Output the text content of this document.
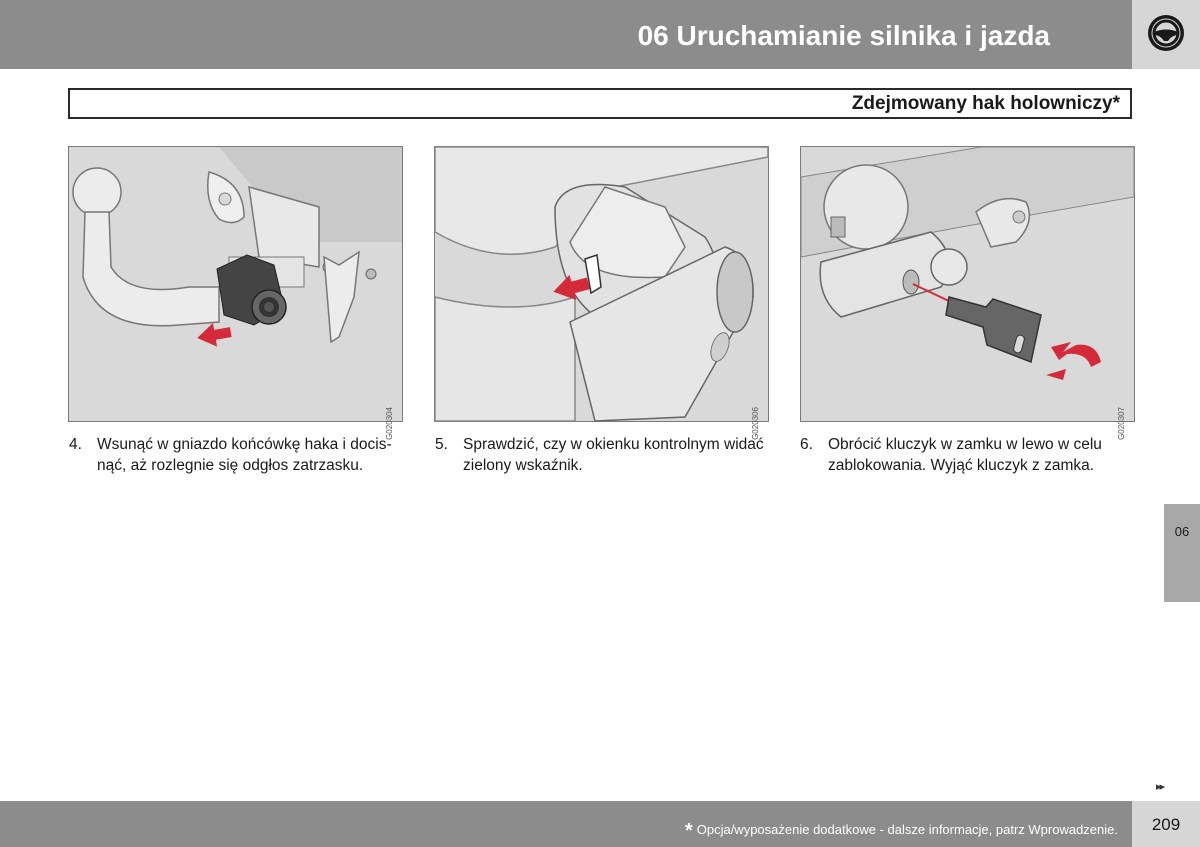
06 Uruchamianie silnika i jazda
Zdejmowany hak holowniczy*
G020304	G020306	G020307
4. Wsunąć w gniazdo końcówkę haka i docis-nąć, aż rozlegnie się odgłos zatrzasku.
5. Sprawdzić, czy w okienku kontrolnym widać zielony wskaźnik.
6. Obrócić kluczyk w zamku w lewo w celu zablokowania. Wyjąć kluczyk z zamka.
06
▸▸
* Opcja/wyposażenie dodatkowe - dalsze informacje, patrz Wprowadzenie.	209
